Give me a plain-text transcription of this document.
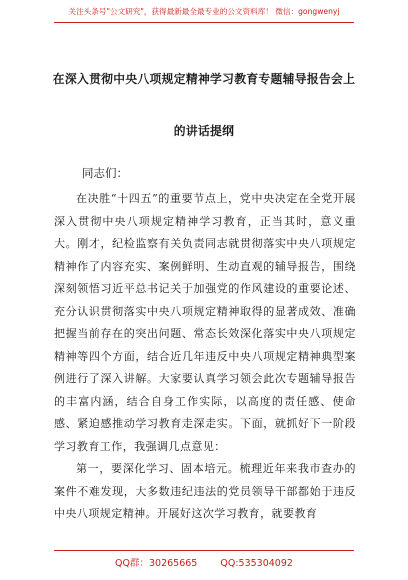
关注头条号"公文研究"，获得最新最全最专业的公文资料库！ 微信：gongwenyj
在深入贯彻中央八项规定精神学习教育专题辅导报告会上
的讲话提纲
同志们：

在决胜“十四五”的重要节点上，党中央决定在全党开展深入贯彻中央八项规定精神学习教育，正当其时，意义重大。刚才，纪检监察有关负责同志就贯彻落实中央八项规定精神作了内容充实、案例鲜明、生动直观的辅导报告，围绕深刻领悟习近平总书记关于加强党的作风建设的重要论述、充分认识贯彻落实中央八项规定精神取得的显著成效、准确把握当前存在的突出问题、常态长效深化落实中央八项规定精神等四个方面，结合近几年违反中央八项规定精神典型案例进行了深入讲解。大家要认真学习领会此次专题辅导报告的丰富内涵，结合自身工作实际，以高度的责任感、使命感、紧迫感推动学习教育走深走实。下面，就抓好下一阶段学习教育工作，我强调几点意见：

第一，要深化学习、固本培元。梳理近年来我市查办的案件不难发现，大多数违纪违法的党员领导干部都始于违反中央八项规定精神。开展好这次学习教育，就要教育

QQ群：30265665 QQ:535304092
